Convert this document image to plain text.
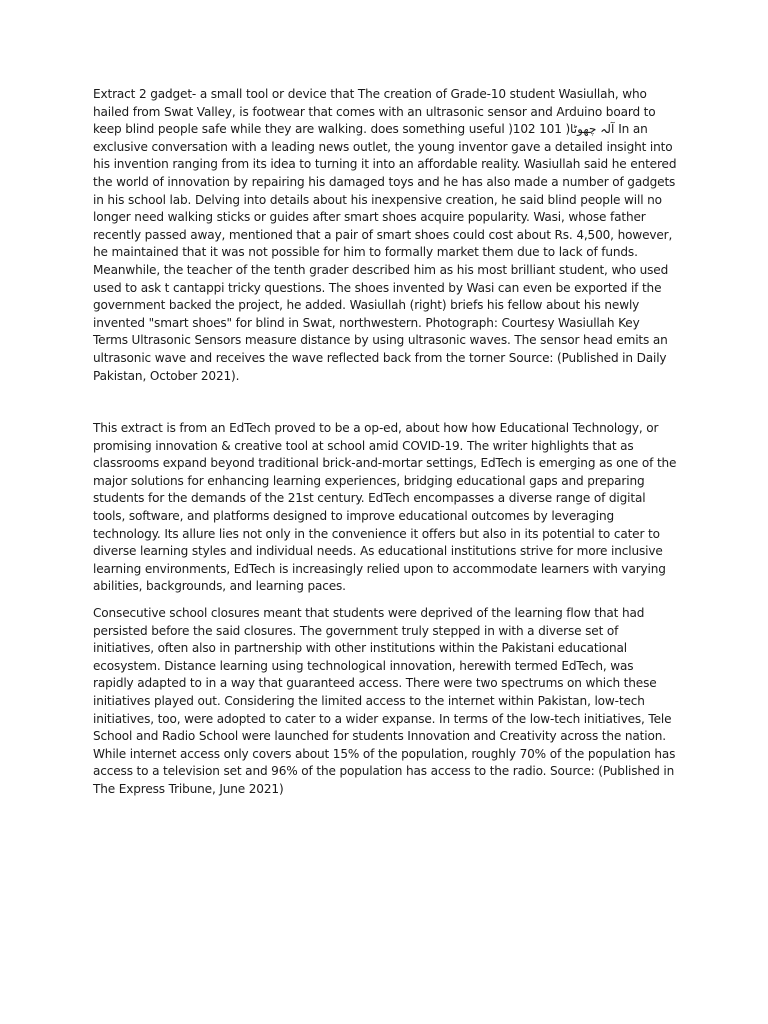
Extract 2 gadget- a small tool or device that The creation of Grade-10 student Wasiullah, who hailed from Swat Valley, is footwear that comes with an ultrasonic sensor and Arduino board to keep blind people safe while they are walking. does something useful )102 101 )آلہ چھوٹا In an exclusive conversation with a leading news outlet, the young inventor gave a detailed insight into his invention ranging from its idea to turning it into an affordable reality. Wasiullah said he entered the world of innovation by repairing his damaged toys and he has also made a number of gadgets in his school lab. Delving into details about his inexpensive creation, he said blind people will no longer need walking sticks or guides after smart shoes acquire popularity. Wasi, whose father recently passed away, mentioned that a pair of smart shoes could cost about Rs. 4,500, however, he maintained that it was not possible for him to formally market them due to lack of funds. Meanwhile, the teacher of the tenth grader described him as his most brilliant student, who used used to ask t cantappi tricky questions. The shoes invented by Wasi can even be exported if the government backed the project, he added. Wasiullah (right) briefs his fellow about his newly invented "smart shoes" for blind in Swat, northwestern. Photograph: Courtesy Wasiullah Key Terms Ultrasonic Sensors measure distance by using ultrasonic waves. The sensor head emits an ultrasonic wave and receives the wave reflected back from the torner Source: (Published in Daily Pakistan, October 2021).

This extract is from an EdTech proved to be a op-ed, about how how Educational Technology, or promising innovation & creative tool at school amid COVID-19. The writer highlights that as classrooms expand beyond traditional brick-and-mortar settings, EdTech is emerging as one of the major solutions for enhancing learning experiences, bridging educational gaps and preparing students for the demands of the 21st century. EdTech encompasses a diverse range of digital tools, software, and platforms designed to improve educational outcomes by leveraging technology. Its allure lies not only in the convenience it offers but also in its potential to cater to diverse learning styles and individual needs. As educational institutions strive for more inclusive learning environments, EdTech is increasingly relied upon to accommodate learners with varying abilities, backgrounds, and learning paces.

Consecutive school closures meant that students were deprived of the learning flow that had persisted before the said closures. The government truly stepped in with a diverse set of initiatives, often also in partnership with other institutions within the Pakistani educational ecosystem. Distance learning using technological innovation, herewith termed EdTech, was rapidly adapted to in a way that guaranteed access. There were two spectrums on which these initiatives played out. Considering the limited access to the internet within Pakistan, low-tech initiatives, too, were adopted to cater to a wider expanse. In terms of the low-tech initiatives, Tele School and Radio School were launched for students Innovation and Creativity across the nation. While internet access only covers about 15% of the population, roughly 70% of the population has access to a television set and 96% of the population has access to the radio. Source: (Published in The Express Tribune, June 2021)
